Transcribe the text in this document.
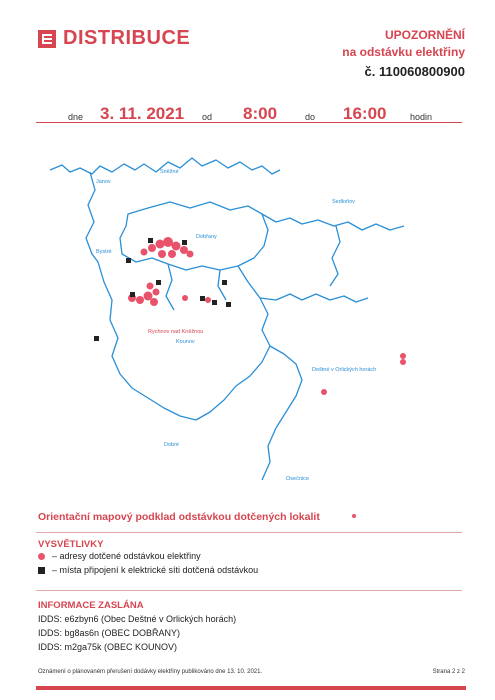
DISTRIBUCE	UPOZORNĚNÍ
na odstávku elektřiny
č. 110060800900
dne 3. 11. 2021 od 8:00	do 16:00	hodin
Janov
Sněžné
Sedloňov
Dobřany
Bystré
Rychnov nad Kněžnou
Kounov
Deštné v Orlických horách
Dobré
Osečnice
Orientační mapový podklad odstávkou dotčených lokalit
VYSVĚTLIVKY
– adresy dotčené odstávkou elektřiny
– místa připojení k elektrické síti dotčená odstávkou
INFORMACE ZASLÁNA
IDDS: e6zbyn6 (Obec Deštné v Orlických horách)
IDDS: bg8as6n (OBEC DOBŘANY)
IDDS: m2ga75k (OBEC KOUNOV)
Oznámení o plánovaném přerušení dodávky elektřiny publikováno dne 13. 10. 2021.	Strana 2 z 2
